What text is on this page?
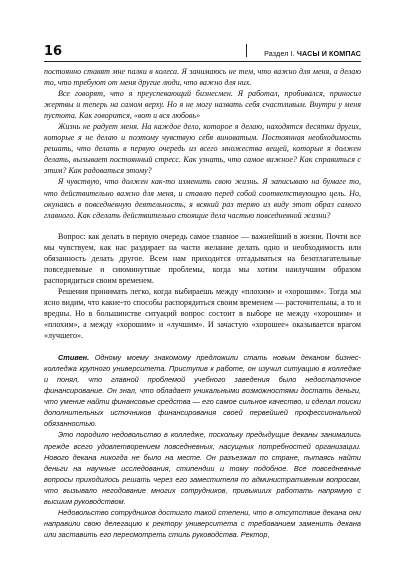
16	Раздел I. ЧАСЫ И КОМПАС

постоянно ставят мне палки в колеса. Я занимаюсь не тем, что важно для меня, а делаю то, что требуют от меня другие люди, что важно для них.

Все говорят, что я преуспевающий бизнесмен. Я работал, пробивался, приносил жертвы и теперь на самом верху. Но я не могу назвать себя счастливым. Внутри у меня пустота. Как говорится, «вот и вся любовь»

Жизнь не радует меня. На каждое дело, которое я делаю, находятся десятки других, которые я не делаю и поэтому чувствую себя виноватым. Постоянная необходимость решать, что делать в первую очередь из всего множества вещей, которые я должен делать, вызывает постоянный стресс. Как узнать, что самое важное? Как справиться с этим? Как радоваться этому?

Я чувствую, что должен как-то изменить свою жизнь. Я записываю на бумаге то, что действительно важно для меня, и ставлю перед собой соответствующую цель. Но, окунаясь в повседневную деятельность, я всякий раз теряю из виду этот образ самого главного. Как сделать действительно стоящие дела частью повседневной жизни?

Вопрос: как делать в первую очередь самое главное — важнейший в жизни. Почти все мы чувствуем, как нас раздирает на части желание делать одно и необходимость или обязанность делать другое. Всем нам приходится отгадываться на безотлагательные повседневные и сиюминутные проблемы, когда мы хотим наилучшим образом распорядиться своим временем.

Решения принимать легко, когда выбираешь между «плохим» и «хорошим». Тогда мы ясно видим, что какие-то способы распорядиться своим временем — расточительны, а то и вредны. Но в большинстве ситуаций вопрос состоит в выборе не между «хорошим» и «плохим», а между «хорошим» и «лучшим». И зачастую «хорошее» оказывается врагом «лучшего».

Стивен. Одному моему знакомому предложили стать новым деканом бизнес-колледжа крупного университета. Приступив к работе, он изучил ситуацию в колледже и понял, что главной проблемой учебного заведения было недостаточное финансирование. Он знал, что обладает уникальными возможностями достать деньги, что умение найти финансовые средства — его самое сильное качество, и сделал поиски дополнительных источников финансирования своей первейшей профессиональной обязанностью.

Это породило недовольство в колледже, поскольку предыдущие деканы занимались прежде всего удовлетворением повседневных, насущных потребностей организации. Нового декана никогда не было на месте. Он разъезжал по стране, пытаясь найти деньги на научные исследования, стипендии и тому подобное. Все повседневные вопросы приходилось решать через его заместителя по административным вопросам, что вызывало негодование многих сотрудников, привыкших работать напрямую с высшим руководством.

Недовольство сотрудников достигло такой степени, что в отсутствие декана они направили свою делегацию к ректору университета с требованием заменить декана или заставить его пересмотреть стиль руководства. Ректор,
